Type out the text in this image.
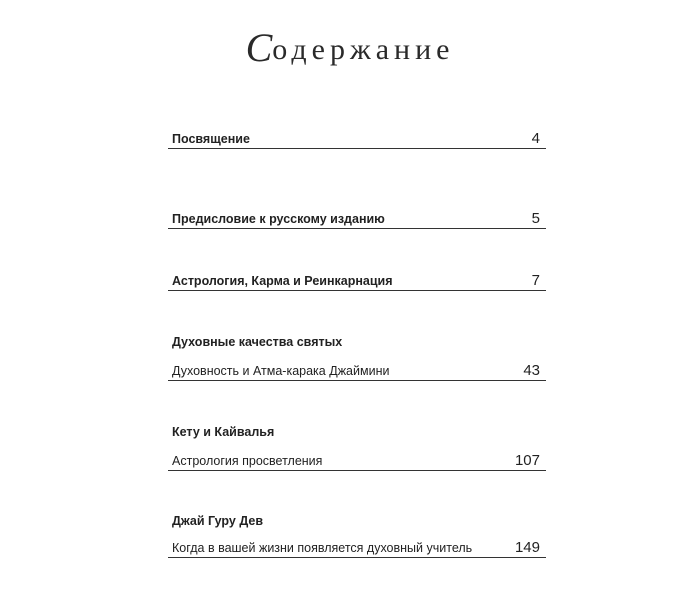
Содержание
Посвящение	4
Предисловие к русскому изданию	5
Астрология, Карма и Реинкарнация	7
Духовные качества святых
Духовность и Атма-карака Джаймини	43
Кету и Кайвалья
Астрология просветления	107
Джай Гуру Дев
Когда в вашей жизни появляется духовный учитель	149
